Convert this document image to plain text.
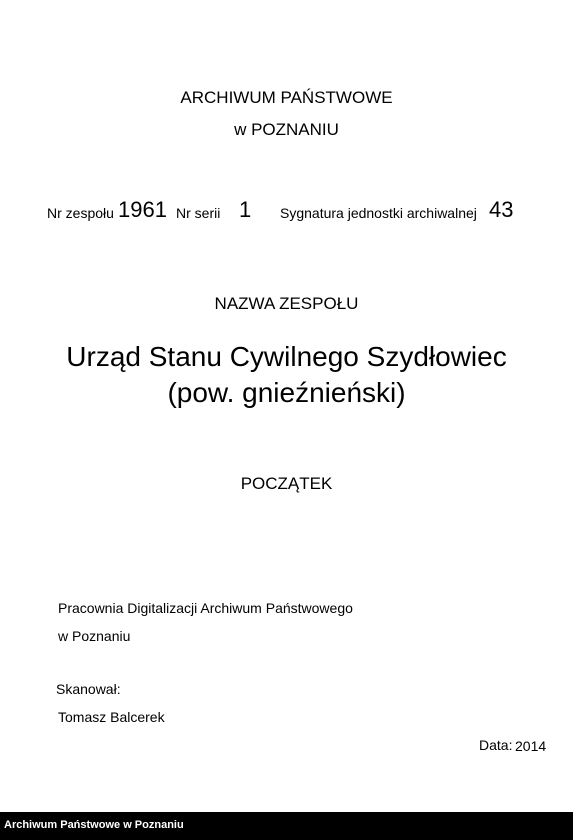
ARCHIWUM PAŃSTWOWE
w POZNANIU
Nr zespołu 1961 Nr serii 1 Sygnatura jednostki archiwalnej 43
NAZWA ZESPOŁU
Urząd Stanu Cywilnego Szydłowiec
(pow. gnieźnieński)
POCZĄTEK
Pracownia Digitalizacji Archiwum Państwowego
w Poznaniu
Skanował:
Tomasz Balcerek
Data: 2014
Archiwum Państwowe w Poznaniu
